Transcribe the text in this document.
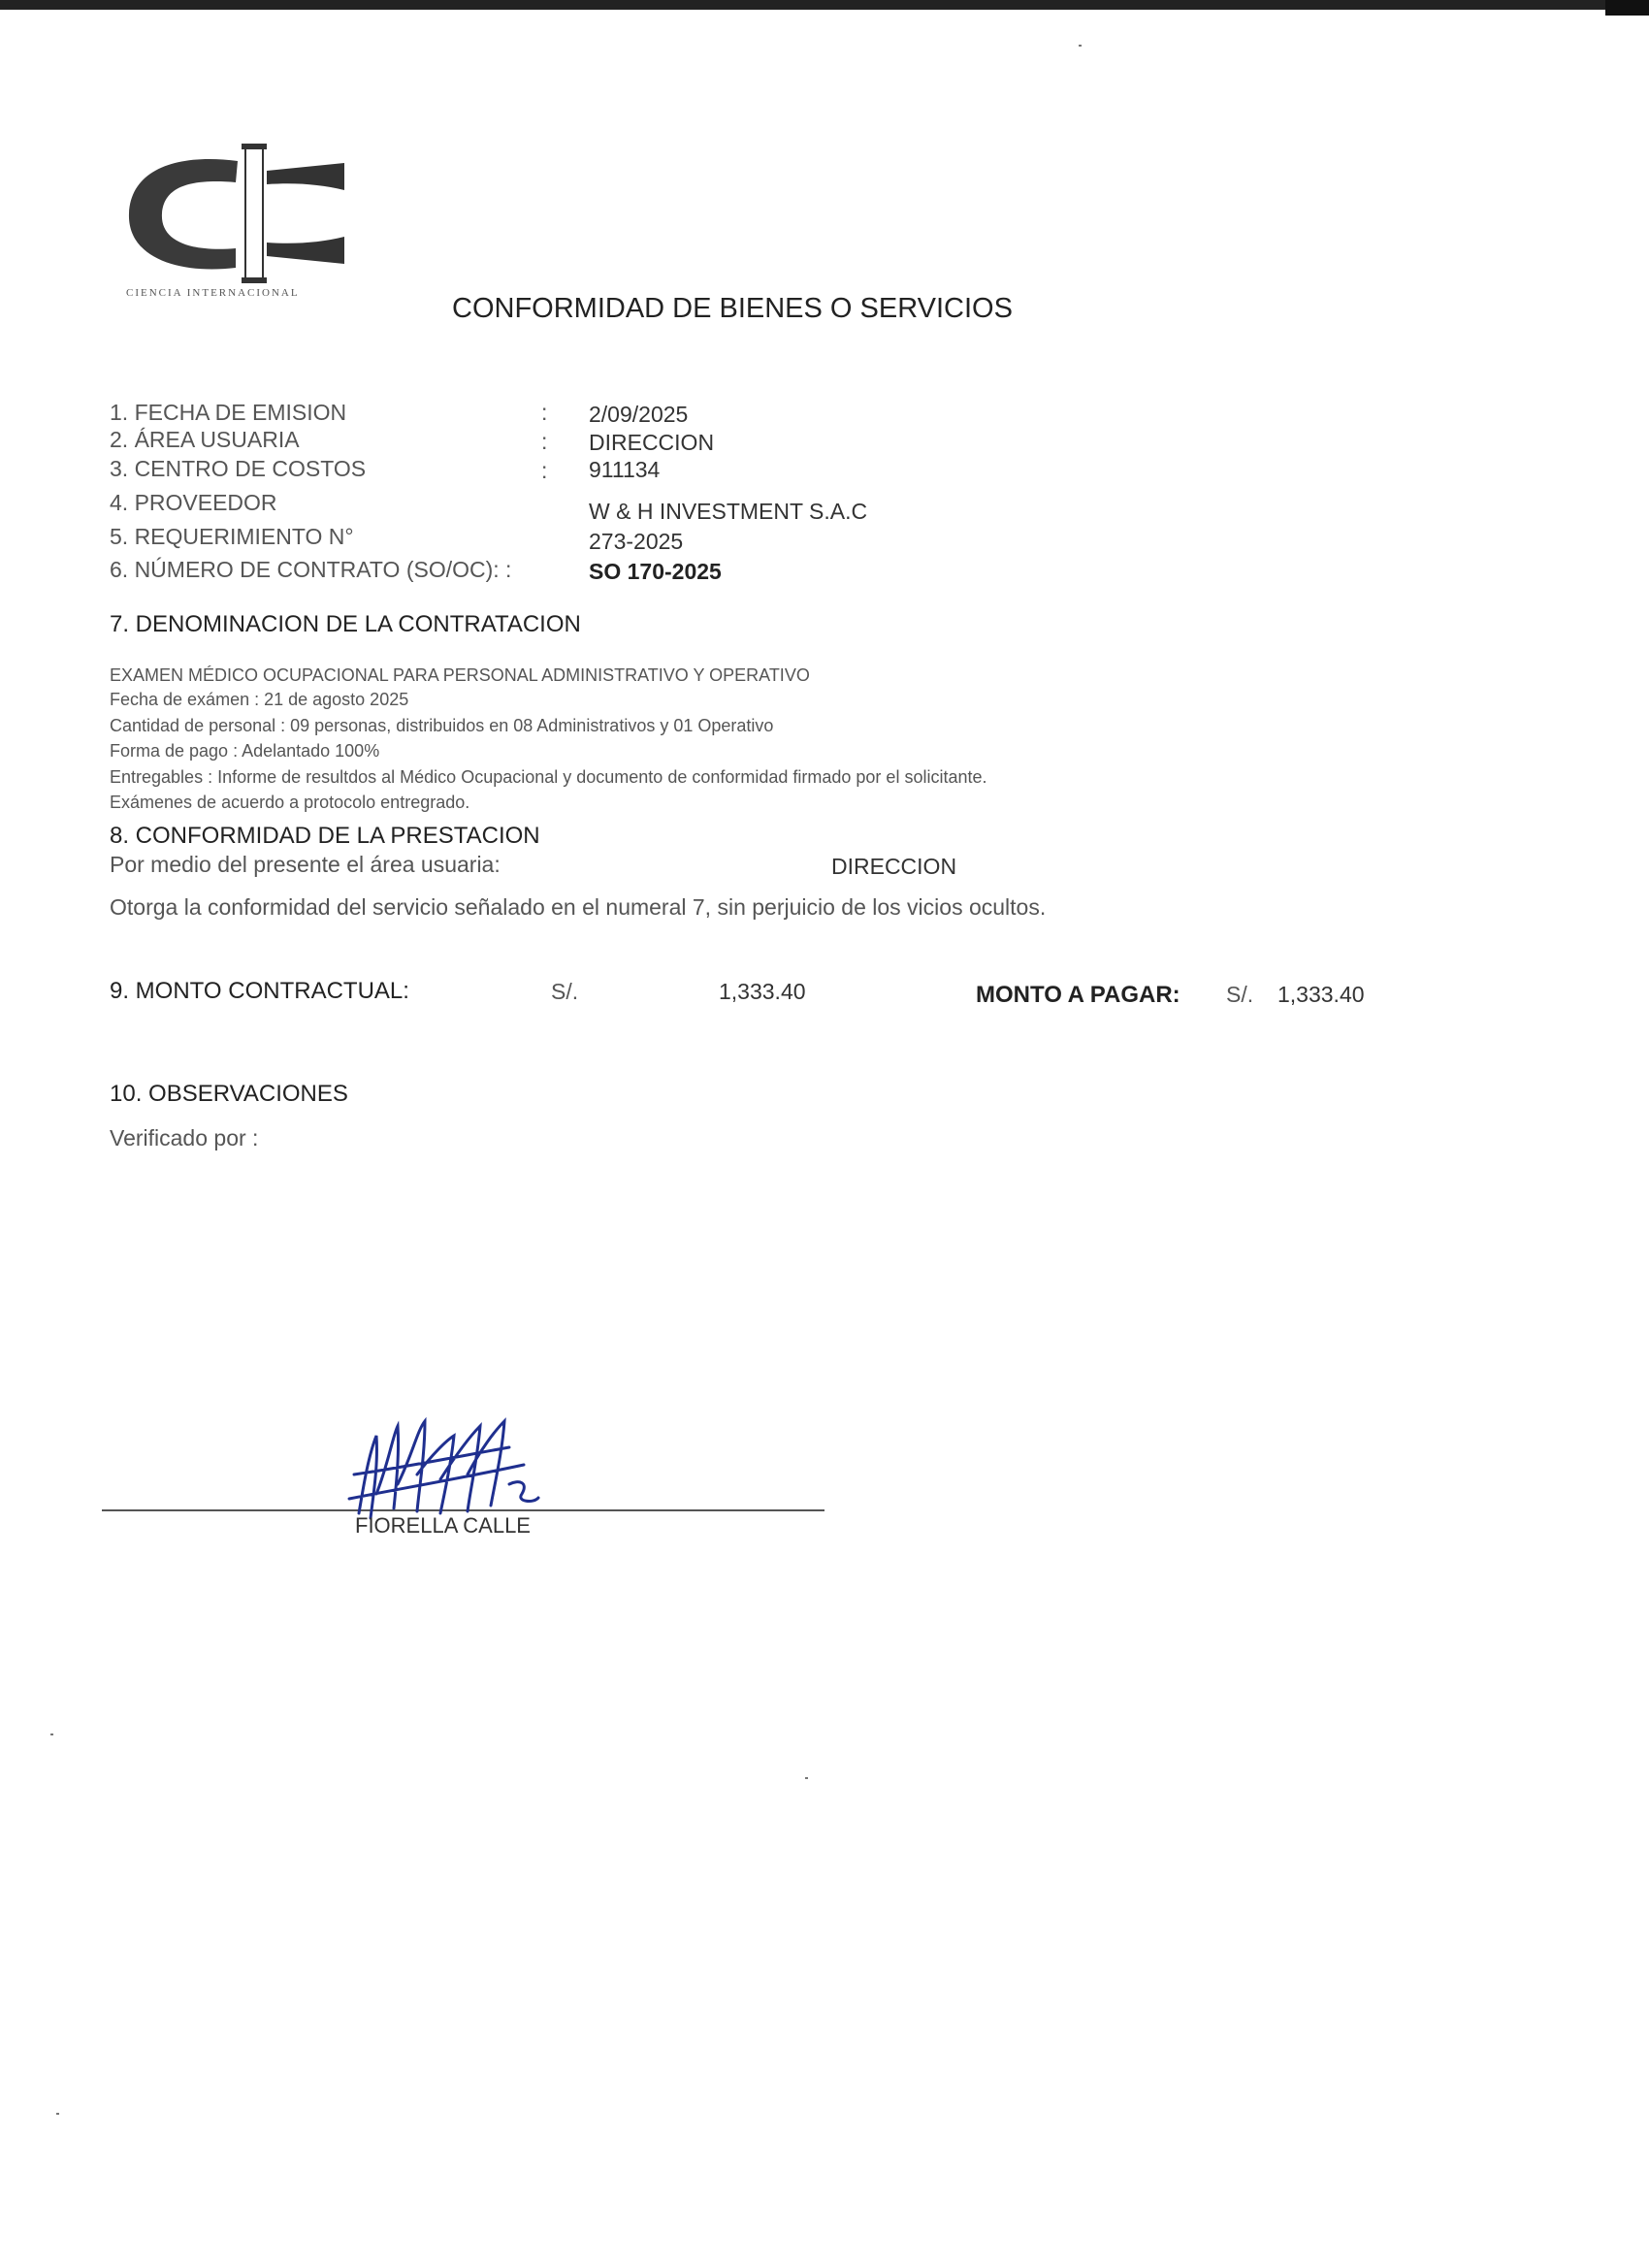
CIENCIA INTERNACIONAL	CONFORMIDAD DE BIENES O SERVICIOS
1. FECHA DE EMISION	: 2/09/2025
2. ÁREA USUARIA	: DIRECCION
3. CENTRO DE COSTOS	: 911134
4. PROVEEDOR	W & H INVESTMENT S.A.C
5. REQUERIMIENTO N°	273-2025
6. NÚMERO DE CONTRATO (SO/OC): :	SO 170-2025
7. DENOMINACION DE LA CONTRATACION
EXAMEN MÉDICO OCUPACIONAL PARA PERSONAL ADMINISTRATIVO Y OPERATIVO
Fecha de exámen : 21 de agosto 2025
Cantidad de personal : 09 personas, distribuidos en 08 Administrativos y 01 Operativo
Forma de pago : Adelantado 100%
Entregables : Informe de resultdos al Médico Ocupacional y documento de conformidad firmado por el solicitante.
Exámenes de acuerdo a protocolo entregrado.
8. CONFORMIDAD DE LA PRESTACION
Por medio del presente el área usuaria:	DIRECCION
Otorga la conformidad del servicio señalado en el numeral 7, sin perjuicio de los vicios ocultos.
9. MONTO CONTRACTUAL:	S/.	1,333.40	MONTO A PAGAR: S/. 1,333.40
10. OBSERVACIONES
Verificado por :
FIORELLA CALLE
